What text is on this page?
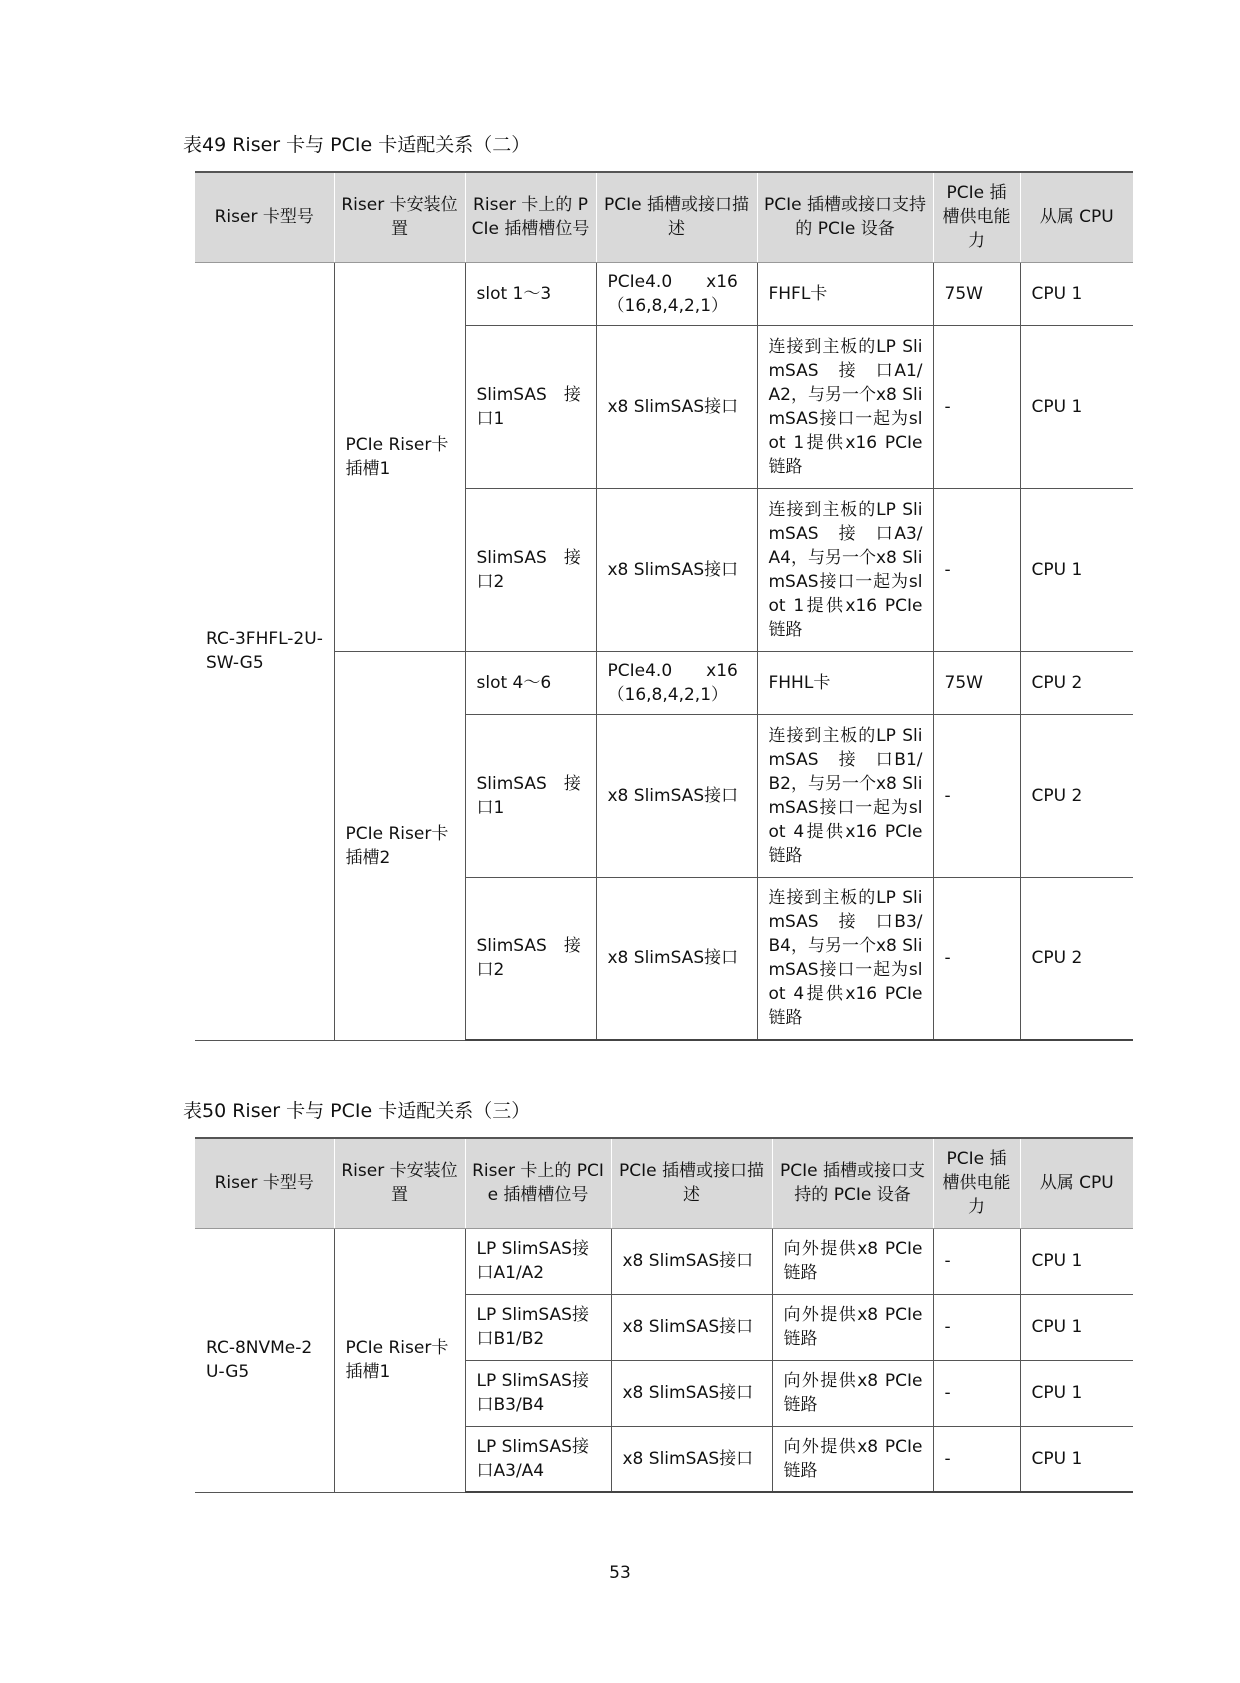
表49 Riser 卡与 PCIe 卡适配关系（二）
Riser 卡型号	Riser 卡安装位置	Riser 卡上的 PCIe 插槽槽位号	PCIe 插槽或接口描述	PCIe 插槽或接口支持的 PCIe 设备	PCIe 插槽供电能力	从属 CPU
RC-3FHFL-2U-SW-G5	PCIe Riser卡插槽1	slot 1～3	PCIe4.0　　x16（16,8,4,2,1）	FHFL卡	75W	CPU 1
		SlimSAS　接口1	x8 SlimSAS接口	连接到主板的LP SlimSAS　接　口A1/A2，与另一个x8 SlimSAS接口一起为slot 1提供x16 PCIe链路	-	CPU 1
		SlimSAS　接口2	x8 SlimSAS接口	连接到主板的LP SlimSAS　接　口A3/A4，与另一个x8 SlimSAS接口一起为slot 1提供x16 PCIe链路	-	CPU 1
	PCIe Riser卡插槽2	slot 4～6	PCIe4.0　　x16（16,8,4,2,1）	FHHL卡	75W	CPU 2
		SlimSAS　接口1	x8 SlimSAS接口	连接到主板的LP SlimSAS　接　口B1/B2，与另一个x8 SlimSAS接口一起为slot 4提供x16 PCIe链路	-	CPU 2
		SlimSAS　接口2	x8 SlimSAS接口	连接到主板的LP SlimSAS　接　口B3/B4，与另一个x8 SlimSAS接口一起为slot 4提供x16 PCIe链路	-	CPU 2
表50 Riser 卡与 PCIe 卡适配关系（三）
Riser 卡型号	Riser 卡安装位置	Riser 卡上的 PCIe 插槽槽位号	PCIe 插槽或接口描述	PCIe 插槽或接口支持的 PCIe 设备	PCIe 插槽供电能力	从属 CPU
RC-8NVMe-2U-G5	PCIe Riser卡插槽1	LP SlimSAS接口A1/A2	x8 SlimSAS接口	向外提供x8 PCIe链路	-	CPU 1
		LP SlimSAS接口B1/B2	x8 SlimSAS接口	向外提供x8 PCIe链路	-	CPU 1
		LP SlimSAS接口B3/B4	x8 SlimSAS接口	向外提供x8 PCIe链路	-	CPU 1
		LP SlimSAS接口A3/A4	x8 SlimSAS接口	向外提供x8 PCIe链路	-	CPU 1
53
